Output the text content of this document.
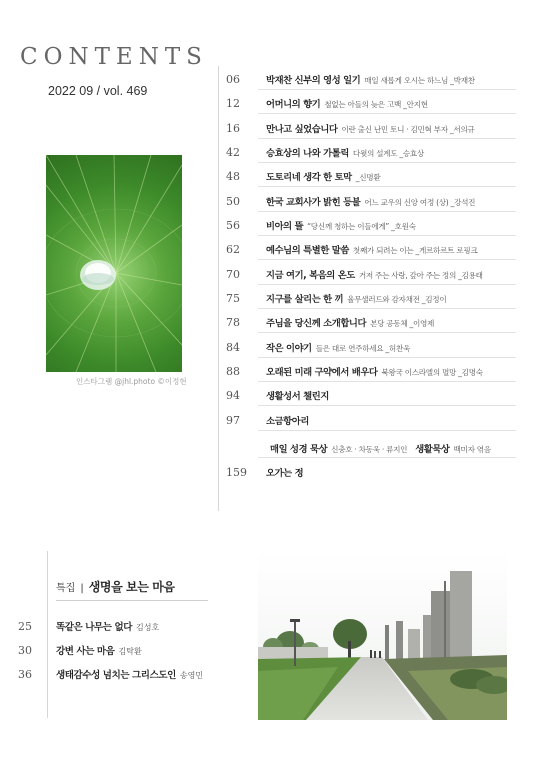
CONTENTS
2022 09 / vol. 469
인스타그램 @jhl.photo ©이정현
06	박재찬 신부의 영성 일기 매일 새롭게 오시는 하느님 _박재찬
12	어머니의 향기 철없는 아들의 늦은 고백 _안지현
16	만나고 싶었습니다 이란 출신 난민 토니 · 김민혁 부자 _서의규
42	승효상의 나와 가톨릭 다윗의 설계도 _승효상
48	도토리네 생각 한 토막 _신명환
50	한국 교회사가 밝힌 등불 어느 교우의 신앙 여정 (상) _강석진
56	비아의 뜰 “당신께 청하는 이들에게” _호원숙
62	예수님의 특별한 말씀 첫째가 되려는 이는 _게르하르트 로핑크
70	지금 여기, 복음의 온도 거저 주는 사랑, 갚아 주는 정의 _김용태
75	지구를 살리는 한 끼 율무샐러드와 감자채전 _김정이
78	주님을 당신께 소개합니다 본당 공동체 _이영제
84	작은 이야기 들은 대로 연주하세요 _허찬욱
88	오래된 미래 구약에서 배우다 북왕국 이스라엘의 멸망 _김명숙
94	생활성서 챌린지
97	소금항아리
매일 성경 묵상 신충호 · 차동욱 · 류지인 생활묵상 백미자 엮음
159	오가는 정
특집 | 생명을 보는 마음
25	똑같은 나무는 없다 김성호
30	강변 사는 마음 김탁환
36	생태감수성 넘치는 그리스도인 송영민
